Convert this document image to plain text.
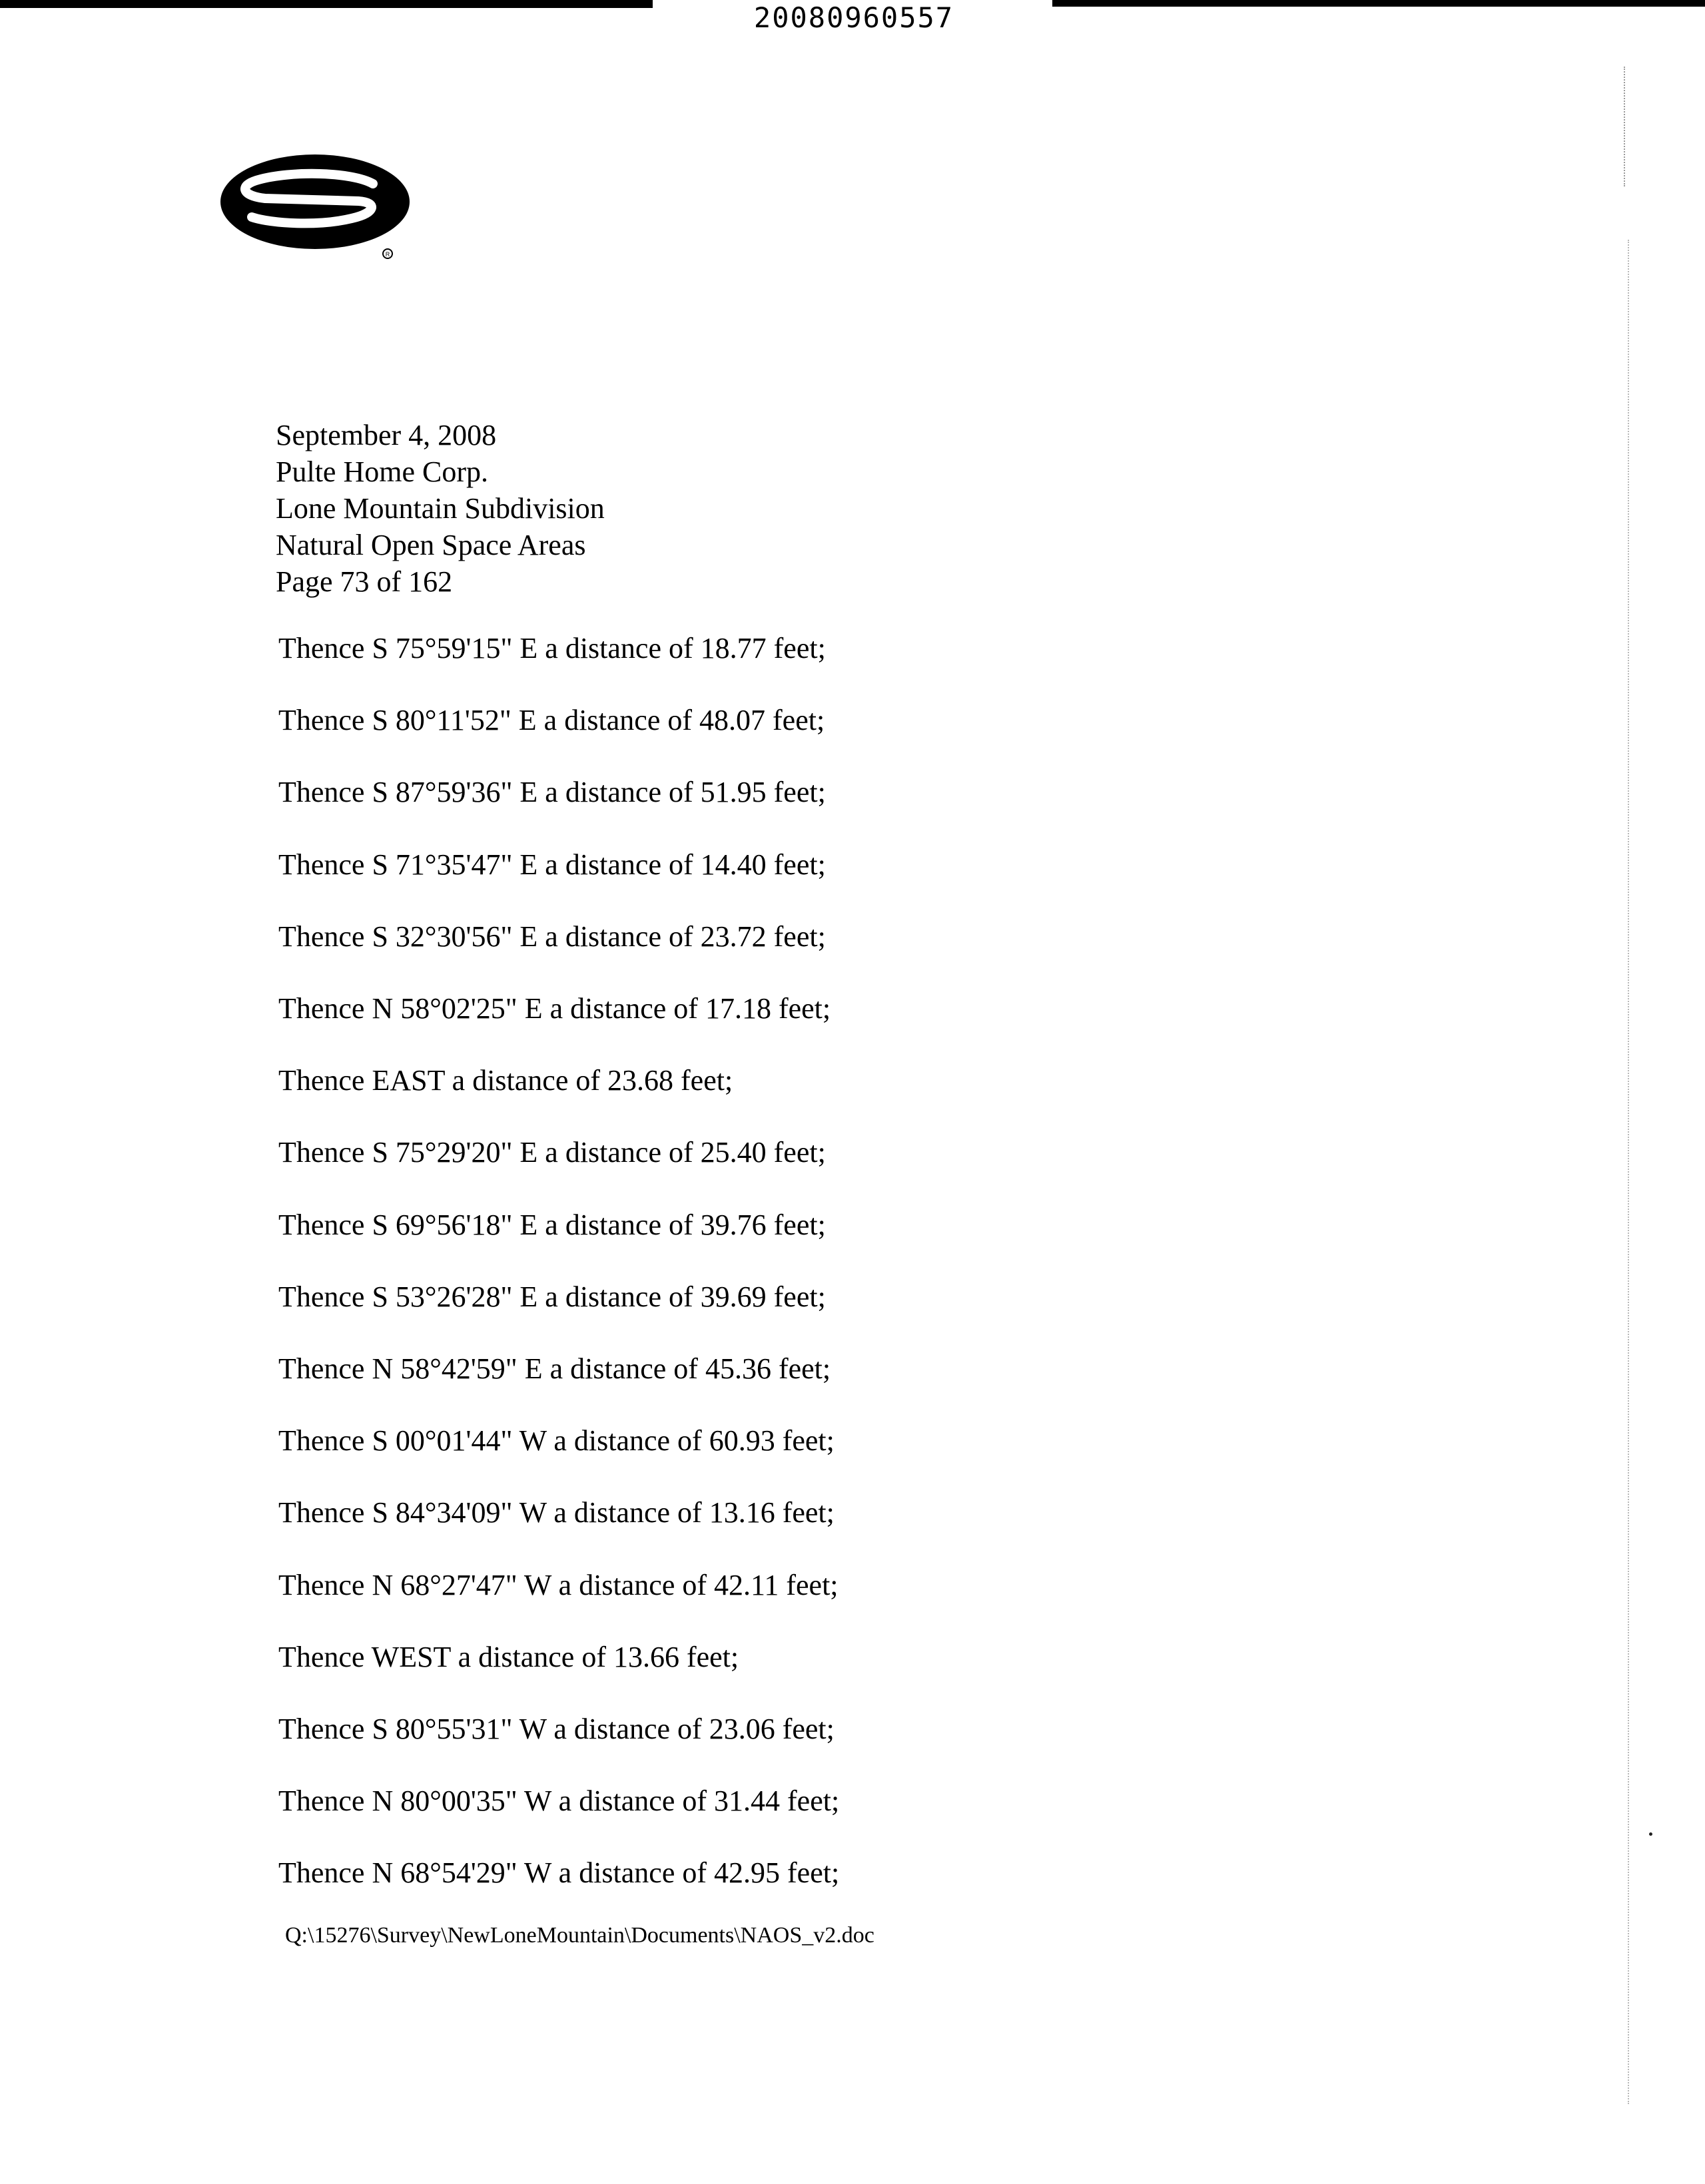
20080960557
R
September 4, 2008
Pulte Home Corp.
Lone Mountain Subdivision
Natural Open Space Areas
Page 73 of 162
Thence S 75°59'15" E a distance of 18.77 feet;
Thence S 80°11'52" E a distance of 48.07 feet;
Thence S 87°59'36" E a distance of 51.95 feet;
Thence S 71°35'47" E a distance of 14.40 feet;
Thence S 32°30'56" E a distance of 23.72 feet;
Thence N 58°02'25" E a distance of 17.18 feet;
Thence EAST a distance of 23.68 feet;
Thence S 75°29'20" E a distance of 25.40 feet;
Thence S 69°56'18" E a distance of 39.76 feet;
Thence S 53°26'28" E a distance of 39.69 feet;
Thence N 58°42'59" E a distance of 45.36 feet;
Thence S 00°01'44" W a distance of 60.93 feet;
Thence S 84°34'09" W a distance of 13.16 feet;
Thence N 68°27'47" W a distance of 42.11 feet;
Thence WEST a distance of 13.66 feet;
Thence S 80°55'31" W a distance of 23.06 feet;
Thence N 80°00'35" W a distance of 31.44 feet;
Thence N 68°54'29" W a distance of 42.95 feet;
Q:\15276\Survey\NewLoneMountain\Documents\NAOS_v2.doc
